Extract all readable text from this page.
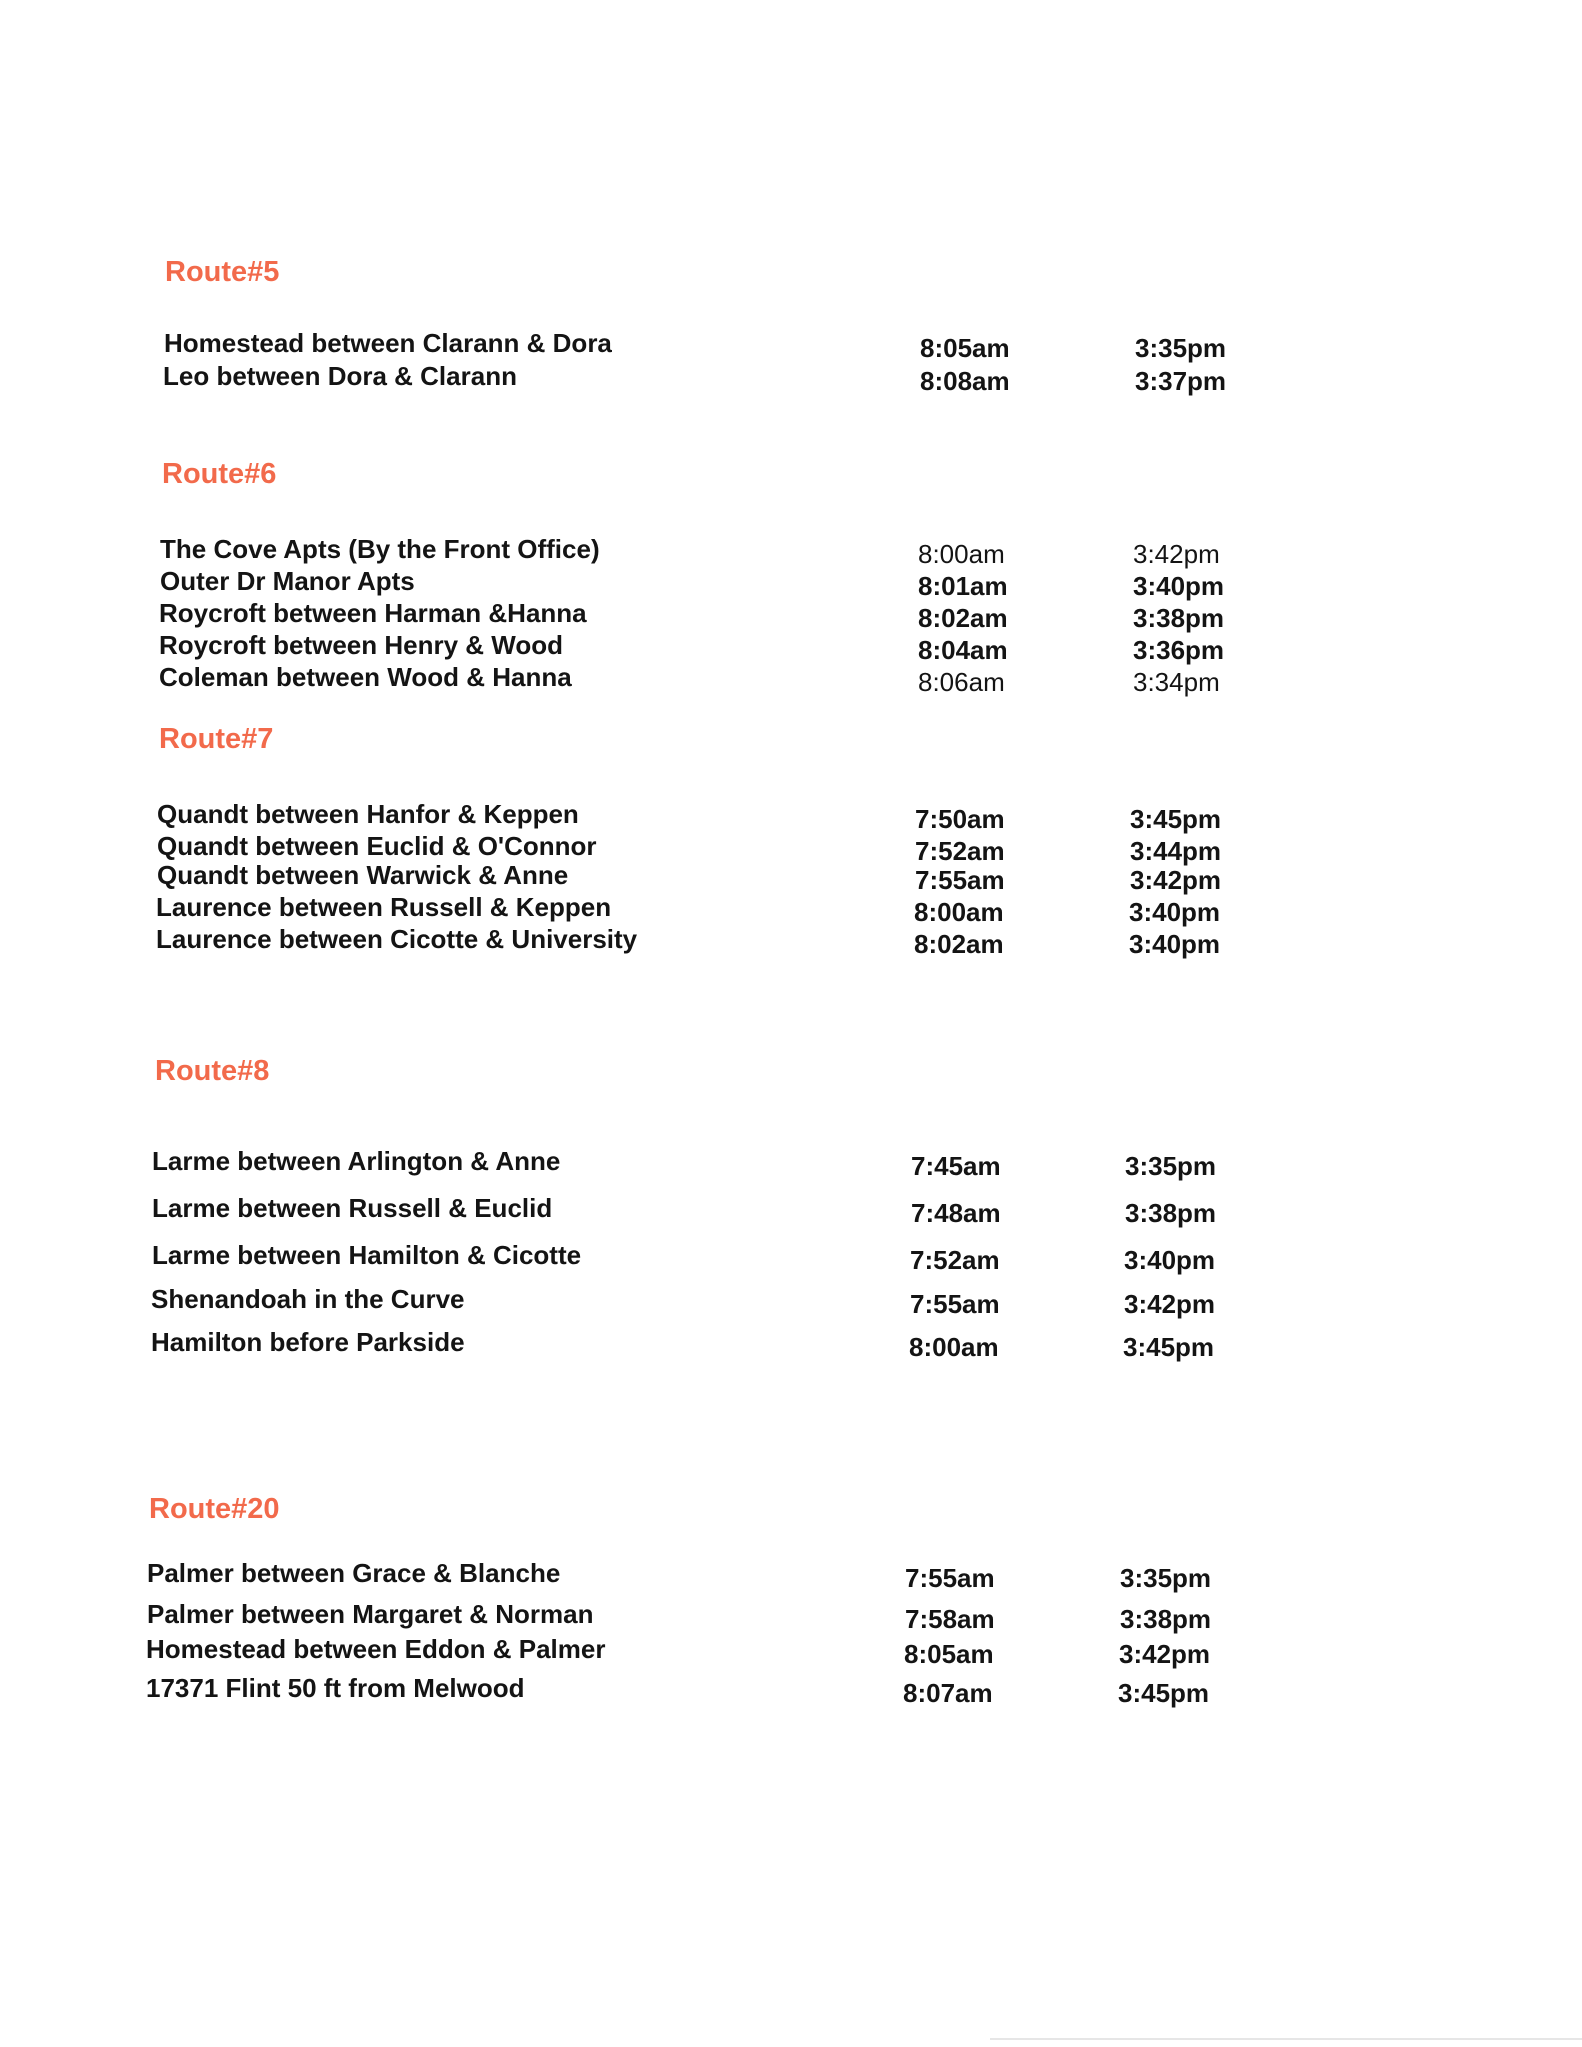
Route#5
Homestead between Clarann & Dora	8:05am	3:35pm
Leo between Dora & Clarann	8:08am	3:37pm
Route#6
The Cove Apts (By the Front Office)	8:00am	3:42pm
Outer Dr Manor Apts	8:01am	3:40pm
Roycroft between Harman &Hanna	8:02am	3:38pm
Roycroft between Henry & Wood	8:04am	3:36pm
Coleman between Wood & Hanna	8:06am	3:34pm
Route#7
Quandt between Hanfor & Keppen	7:50am	3:45pm
Quandt between Euclid & O'Connor	7:52am	3:44pm
Quandt between Warwick & Anne	7:55am	3:42pm
Laurence between Russell & Keppen	8:00am	3:40pm
Laurence between Cicotte & University	8:02am	3:40pm
Route#8
Larme between Arlington & Anne	7:45am	3:35pm
Larme between Russell & Euclid	7:48am	3:38pm
Larme between Hamilton & Cicotte	7:52am	3:40pm
Shenandoah in the Curve	7:55am	3:42pm
Hamilton before Parkside	8:00am	3:45pm
Route#20
Palmer between Grace & Blanche	7:55am	3:35pm
Palmer between Margaret & Norman	7:58am	3:38pm
Homestead between Eddon & Palmer	8:05am	3:42pm
17371 Flint 50 ft from Melwood	8:07am	3:45pm
